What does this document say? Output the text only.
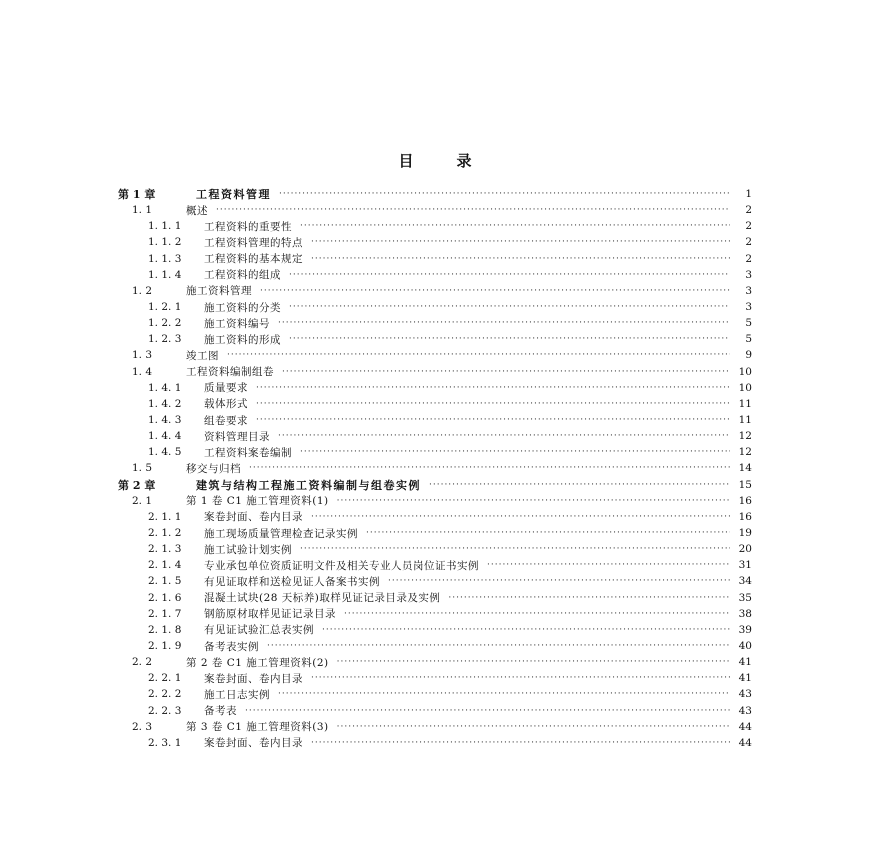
目　录
第 1 章	工程资料管理 ·····	1
1. 1	概述 ·····	2
1. 1. 1	工程资料的重要性 ·····	2
1. 1. 2	工程资料管理的特点 ·····	2
1. 1. 3	工程资料的基本规定 ·····	2
1. 1. 4	工程资料的组成 ·····	3
1. 2	施工资料管理 ·····	3
1. 2. 1	施工资料的分类 ·····	3
1. 2. 2	施工资料编号 ·····	5
1. 2. 3	施工资料的形成 ·····	5
1. 3	竣工图 ·····	9
1. 4	工程资料编制组卷 ·····	10
1. 4. 1	质量要求 ·····	10
1. 4. 2	载体形式 ·····	11
1. 4. 3	组卷要求 ·····	11
1. 4. 4	资料管理目录 ·····	12
1. 4. 5	工程资料案卷编制 ·····	12
1. 5	移交与归档 ·····	14
第 2 章	建筑与结构工程施工资料编制与组卷实例 ·····	15
2. 1	第 1 卷 C1 施工管理资料(1) ·····	16
2. 1. 1	案卷封面、卷内目录 ·····	16
2. 1. 2	施工现场质量管理检查记录实例 ·····	19
2. 1. 3	施工试验计划实例 ·····	20
2. 1. 4	专业承包单位资质证明文件及相关专业人员岗位证书实例 ·····	31
2. 1. 5	有见证取样和送检见证人备案书实例 ·····	34
2. 1. 6	混凝土试块(28 天标养)取样见证记录目录及实例 ·····	35
2. 1. 7	钢筋原材取样见证记录目录 ·····	38
2. 1. 8	有见证试验汇总表实例 ·····	39
2. 1. 9	备考表实例 ·····	40
2. 2	第 2 卷 C1 施工管理资料(2) ·····	41
2. 2. 1	案卷封面、卷内目录 ·····	41
2. 2. 2	施工日志实例 ·····	43
2. 2. 3	备考表 ·····	43
2. 3	第 3 卷 C1 施工管理资料(3) ·····	44
2. 3. 1	案卷封面、卷内目录 ·····	44
